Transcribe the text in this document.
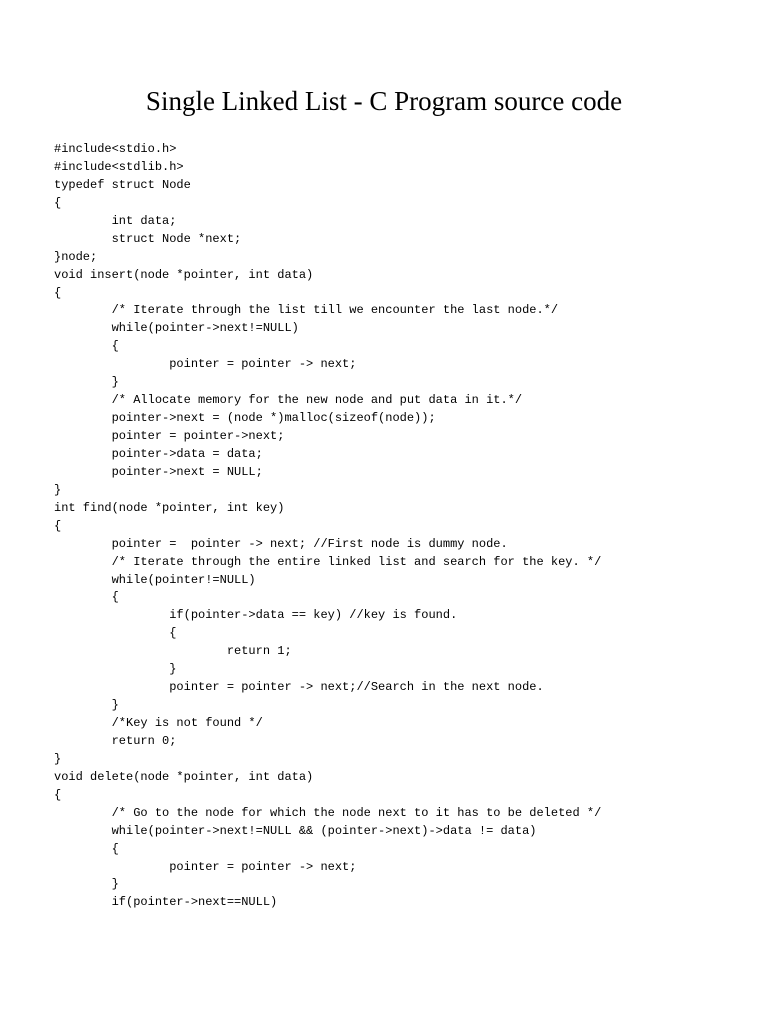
Single Linked List - C Program source code
#include<stdio.h>
#include<stdlib.h>
typedef struct Node
{
int data;
struct Node *next;
}node;
void insert(node *pointer, int data)
{
/* Iterate through the list till we encounter the last node.*/
while(pointer->next!=NULL)
{
pointer = pointer -> next;
}
/* Allocate memory for the new node and put data in it.*/
pointer->next = (node *)malloc(sizeof(node));
pointer = pointer->next;
pointer->data = data;
pointer->next = NULL;
}
int find(node *pointer, int key)
{
pointer =  pointer -> next; //First node is dummy node.
/* Iterate through the entire linked list and search for the key. */
while(pointer!=NULL)
{
if(pointer->data == key) //key is found.
{
return 1;
}
pointer = pointer -> next;//Search in the next node.
}
/*Key is not found */
return 0;
}
void delete(node *pointer, int data)
{
/* Go to the node for which the node next to it has to be deleted */
while(pointer->next!=NULL && (pointer->next)->data != data)
{
pointer = pointer -> next;
}
if(pointer->next==NULL)
